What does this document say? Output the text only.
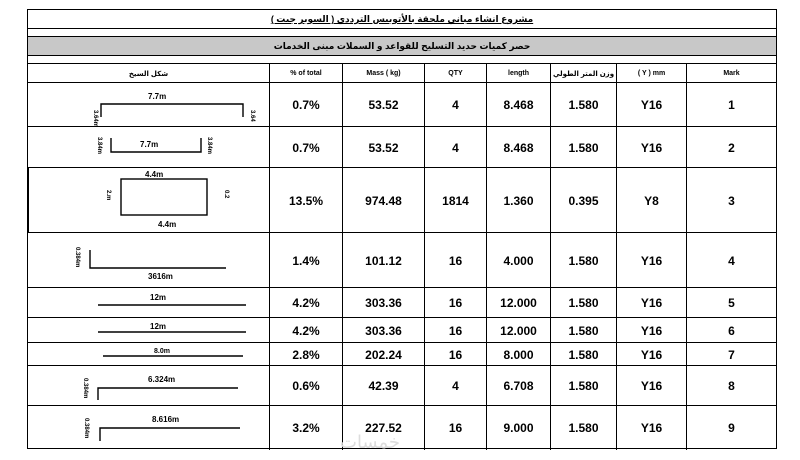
مشروع انشاء مباني ملحقة بالأتوبيس الترددي ( السوبر جيت )
حصر كميات حديد التسليح للقواعد و السملات مبنى الخدمات
شكل السيخ	% of total	Mass ( kg)	QTY	length	وزن المتر الطولي	( Y ) mm	Mark
7.7m
3.64m	3.64
0.7%	53.52	4	8.468	1.580	Y16	1
7.7m
3.84m	3.84m	0.7%	53.52	4	8.468	1.580	Y16	2
4.4m
4.4m
2.m	0.2	13.5%	974.48	1814	1.360	0.395	Y8	3
3616m
0.384m	1.4%	101.12	16	4.000	1.580	Y16	4
12m	4.2%	303.36	16	12.000	1.580	Y16	5
12m	4.2%	303.36	16	12.000	1.580	Y16	6
8.0m	2.8%	202.24	16	8.000	1.580	Y16	7
6.324m
0.384m	0.6%	42.39	4	6.708	1.580	Y16	8
8.616m
0.384m	3.2%	227.52	16	9.000	1.580	Y16	9
خمسات
